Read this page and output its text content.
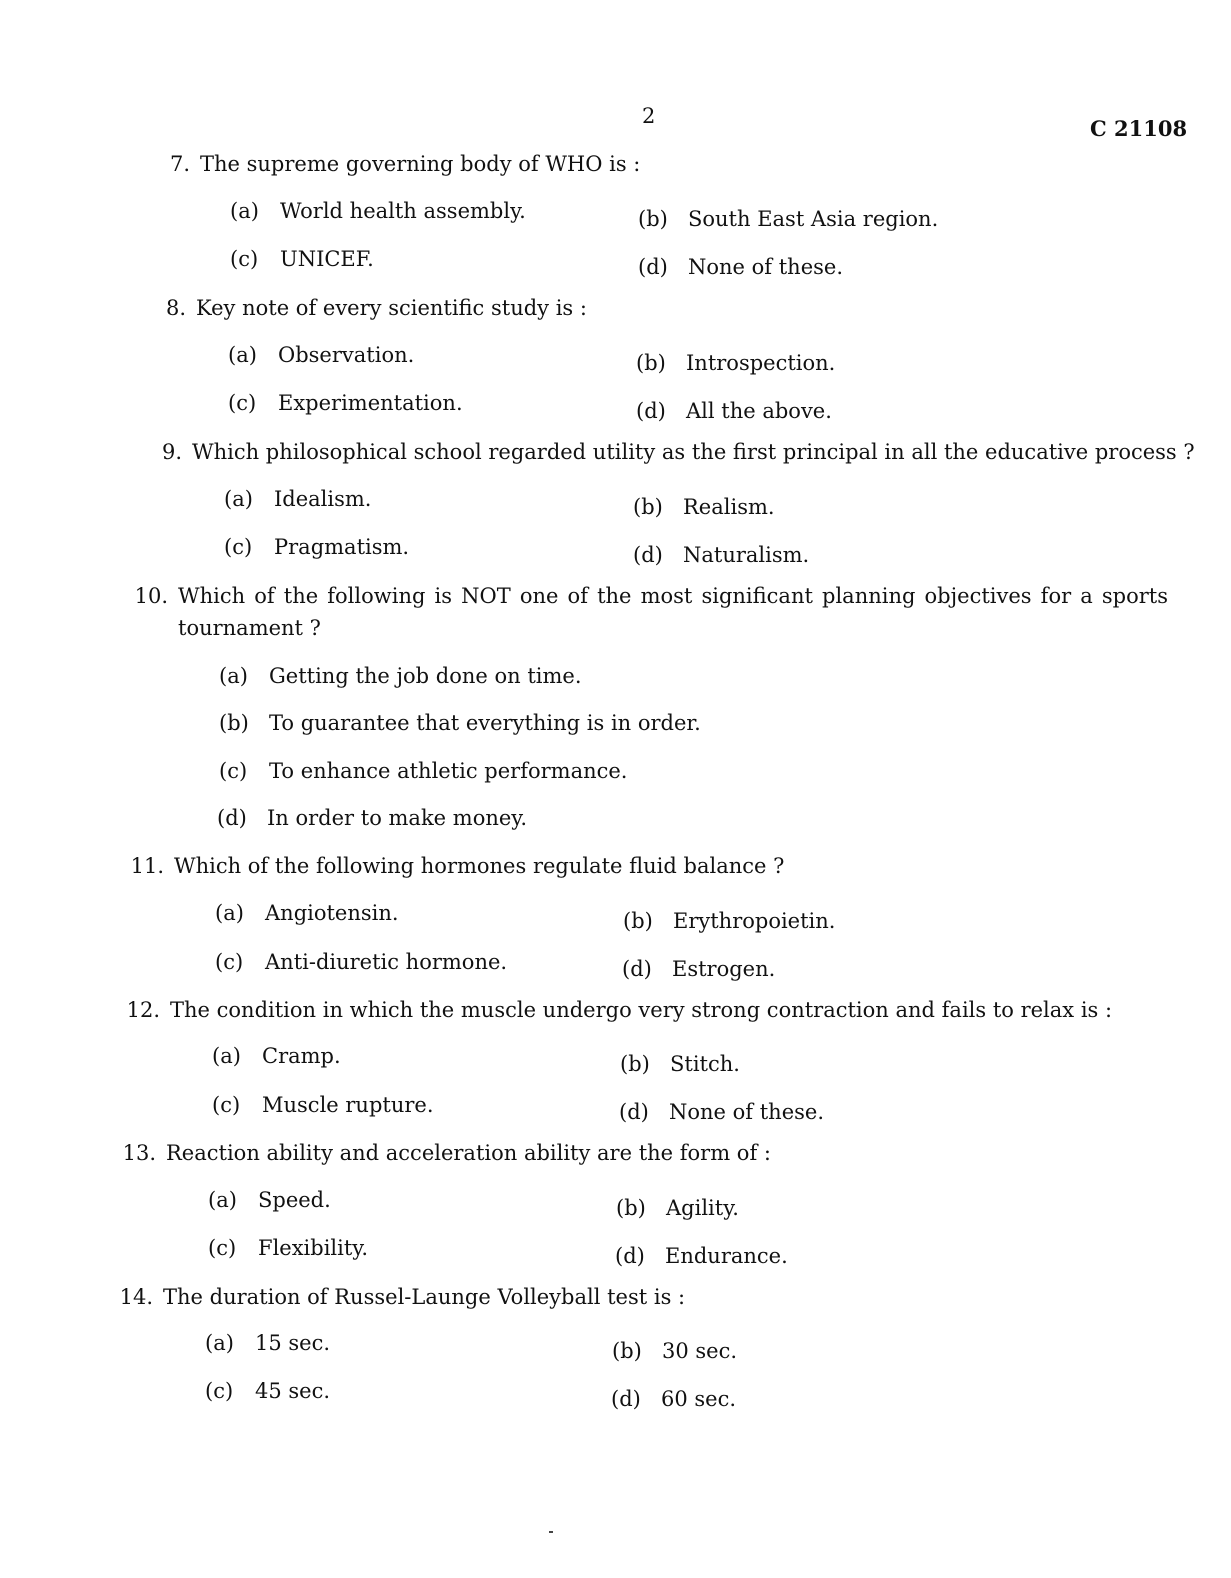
2	C 21108
7. The supreme governing body of WHO is :
(a) World health assembly.	(b) South East Asia region.
(c) UNICEF.	(d) None of these.
8. Key note of every scientific study is :
(a) Observation.	(b) Introspection.
(c) Experimentation.	(d) All the above.
9. Which philosophical school regarded utility as the first principal in all the educative process ?
(a) Idealism.	(b) Realism.
(c) Pragmatism.	(d) Naturalism.
10. Which of the following is NOT one of the most significant planning objectives for a sports tournament ?
(a) Getting the job done on time.
(b) To guarantee that everything is in order.
(c) To enhance athletic performance.
(d) In order to make money.
11. Which of the following hormones regulate fluid balance ?
(a) Angiotensin.	(b) Erythropoietin.
(c) Anti-diuretic hormone.	(d) Estrogen.
12. The condition in which the muscle undergo very strong contraction and fails to relax is :
(a) Cramp.	(b) Stitch.
(c) Muscle rupture.	(d) None of these.
13. Reaction ability and acceleration ability are the form of :
(a) Speed.	(b) Agility.
(c) Flexibility.	(d) Endurance.
14. The duration of Russel-Launge Volleyball test is :
(a) 15 sec.	(b) 30 sec.
(c) 45 sec.	(d) 60 sec.
